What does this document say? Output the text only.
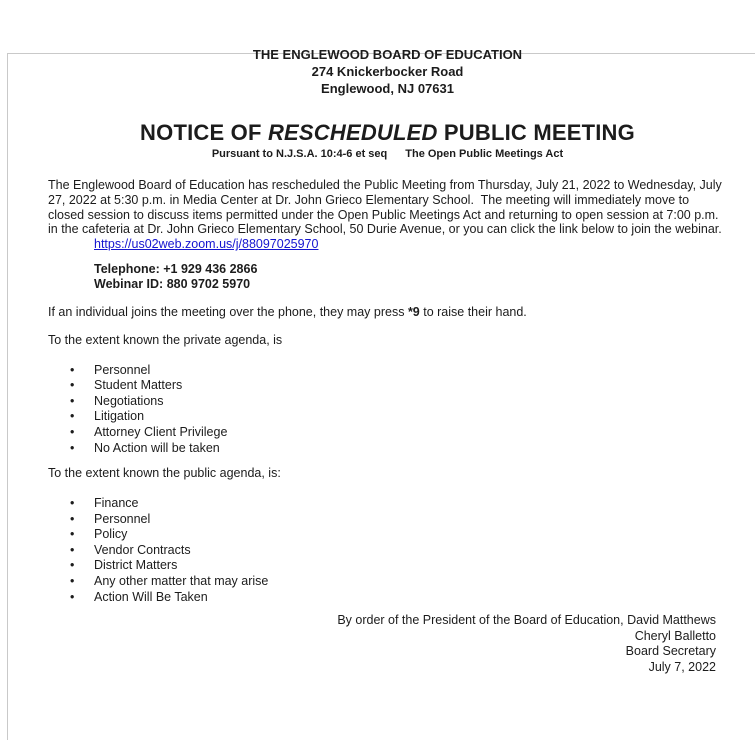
THE ENGLEWOOD BOARD OF EDUCATION
274 Knickerbocker Road
Englewood, NJ 07631
NOTICE OF RESCHEDULED PUBLIC MEETING
Pursuant to N.J.S.A. 10:4-6 et seq The Open Public Meetings Act

The Englewood Board of Education has rescheduled the Public Meeting from Thursday, July 21, 2022 to Wednesday, July 27, 2022 at 5:30 p.m. in Media Center at Dr. John Grieco Elementary School.  The meeting will immediately move to closed session to discuss items permitted under the Open Public Meetings Act and returning to open session at 7:00 p.m. in the cafeteria at Dr. John Grieco Elementary School, 50 Durie Avenue, or you can click the link below to join the webinar.

https://us02web.zoom.us/j/88097025970
Telephone: +1 929 436 2866
Webinar ID: 880 9702 5970

If an individual joins the meeting over the phone, they may press *9 to raise their hand.

To the extent known the private agenda, is
• Personnel
• Student Matters
• Negotiations
• Litigation
• Attorney Client Privilege
• No Action will be taken
To the extent known the public agenda, is:
• Finance
• Personnel
• Policy
• Vendor Contracts
• District Matters
• Any other matter that may arise
• Action Will Be Taken
By order of the President of the Board of Education, David Matthews
Cheryl Balletto
Board Secretary
July 7, 2022
